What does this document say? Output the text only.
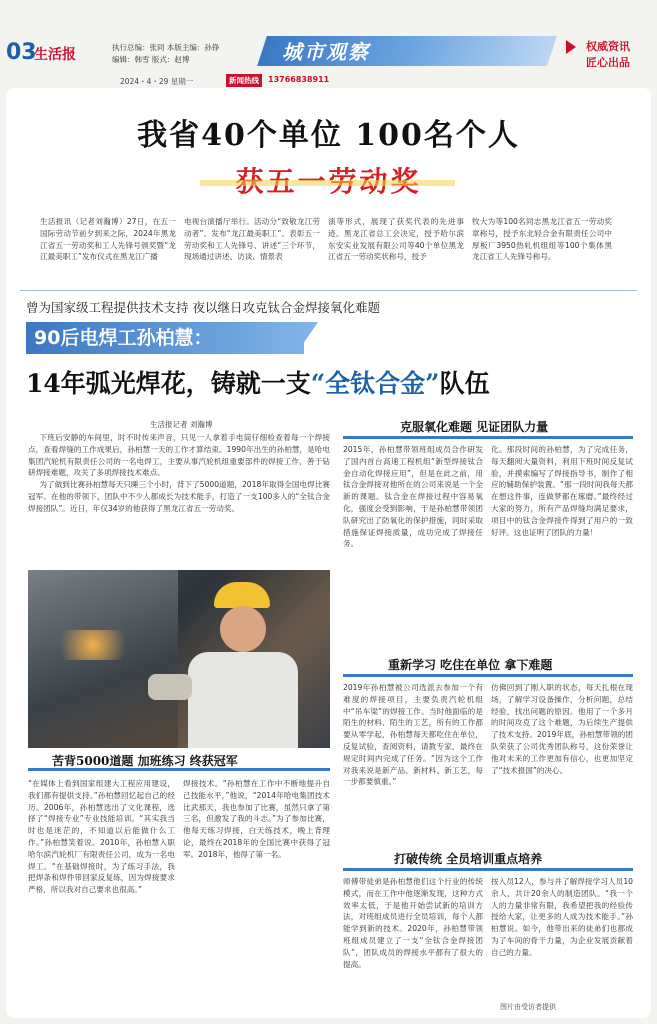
03
生活报	执行总编：张同 本版主编：孙铮
编辑：韩雪 版式：赵博	城市观察	权威资讯
匠心出品
2024・4・29 星期一	新闻热线	13766838911
我省40个单位 100名个人
生活报讯（记者刘瀚博）27日，在五一国际劳动节前夕到来之际，2024年黑龙江省五一劳动奖和工人先锋号颁奖暨“龙江最美职工”发布仪式在黑龙江广播
电视台演播厅举行。活动分“致敬龙江劳动者”、发布“龙江最美职工”、表彰五一劳动奖和工人先锋号、讲述“三个环节，现场通过讲述、访谈、情景表
演等形式，展现了获奖代表的先进事迹。黑龙江省总工会决定，授予哈尔滨东安实业发展有限公司等40个单位黑龙江省五一劳动奖状称号，授予
牧大为等100名同志黑龙江省五一劳动奖章称号，授予东北轻合金有限责任公司中厚板厂3950热轧机组组等100个集体黑龙江省工人先锋号称号。
曾为国家级工程提供技术支持 夜以继日攻克钛合金焊接氧化难题
90后电焊工孙柏慧：
14年弧光焊花，铸就一支“全钛合金”队伍
生活报记者 刘瀚博

下班后安静的车间里，时不时传来声音，只见一人拿着手电筒仔细检查着每一个焊接点，查看焊缝的工作成果后，孙柏慧一天的工作才算结束。1990年出生的孙柏慧，是哈电集团汽轮机有限责任公司的一名电焊工，主要从事汽轮机组重要部件的焊接工作，善于钻研焊接难题，攻关了多项焊接技术难点。

为了做到比赛孙柏慧每天只睡三个小时，背下了5000道题，2018年取得全国电焊比赛冠军。在他的带领下，团队中不少人都成长为技术能手，打造了一支100多人的“全钛合金焊接团队”。近日，年仅34岁的他获得了黑龙江省五一劳动奖。

苦背5000道题 加班练习 终获冠军
“在媒体上看到国家组建大工程应用建设，我们都有提供支持。”孙柏慧回忆起自己的经历。2006年，孙柏慧选出了文化课程，选择了“焊接专业”专业技能培训。“其实我当时也是迷茫的，不知道以后能做什么工作。”孙柏慧笑着说。2010年，孙柏慧入职哈尔滨汽轮机厂有限责任公司，成为一名电焊工。“在基础焊接时，为了练习手法，我把焊条和焊件带回家反复练，因为焊接要求严格，所以我对自己要求也很高。”
焊接技术。“孙柏慧在工作中不断地提升自己技能水平，”他说，“2014年哈电集团技术比武那天，我也参加了比赛，虽然只拿了第三名，但激发了我的斗志。”为了参加比赛，他每天练习焊接，白天练技术，晚上背理论，最终在2018年的全国比赛中获得了冠军。2018年，他得了第一名。
克服氧化难题 见证团队力量
2015年，孙柏慧带领班组成员合作研发了国内首台高速工程机组“新型焊接钛合金自动化焊接应用”，但是在此之前，用钛合金焊接对他所在的公司来说是一个全新的课题。钛合金在焊接过程中容易氧化，强度会受到影响，于是孙柏慧带领团队研究出了防氧化的保护措施，同时采取措施保证焊接质量，成功完成了焊接任务。
化。那段时间的孙柏慧，为了完成任务，每天翻阅大量资料，利用下班时间反复试验，并摸索编写了焊接指导书，制作了相应的辅助保护装置。“那一段时间我每天都在想这件事，连做梦都在琢磨。”最终经过大家的努力，所有产品焊缝均满足要求，项目中的钛合金焊接件得到了用户的一致好评。这也证明了团队的力量！
重新学习 吃住在单位 拿下难题
2019年孙柏慧被公司选派去参加一个有难度的焊接项目，主要负责汽轮机组中“吊车梁”的焊接工作。当时他面临的是陌生的材料、陌生的工艺，所有的工作都要从零学起，孙柏慧每天都吃住在单位，反复试验，查阅资料，请教专家，最终在规定时间内完成了任务。“因为这个工作对我来说是新产品、新材料、新工艺，每一步都要慎重。”
仿佛回到了刚入职的状态，每天扎根在现场，了解学习设备操作，分析问题，总结经验，找出问题的原因。他用了一个多月的时间攻克了这个难题，为后续生产提供了技术支持。2019年底，孙柏慧带领的团队荣获了公司优秀团队称号，这份荣誉让他对未来的工作更加有信心，也更加坚定了“技术报国”的决心。
打破传统 全员培训重点培养
师傅带徒弟是孙柏慧他们这个行业的传统模式，而在工作中他逐渐发现，这种方式效率太低，于是他开始尝试新的培训方法，对班组成员进行全员培训，每个人都能学到新的技术。2020年，孙柏慧带领班组成员建立了一支“全钛合金焊接团队”，团队成员的焊接水平都有了很大的提高。
按入员12人，参与并了解焊接学习人员10余人，共计20余人的制造团队。“我一个人的力量非常有限，我希望把我的经验传授给大家，让更多的人成为技术能手。”孙柏慧说。如今，他带出来的徒弟们也都成为了车间的骨干力量，为企业发展贡献着自己的力量。
图片由受访者提供
